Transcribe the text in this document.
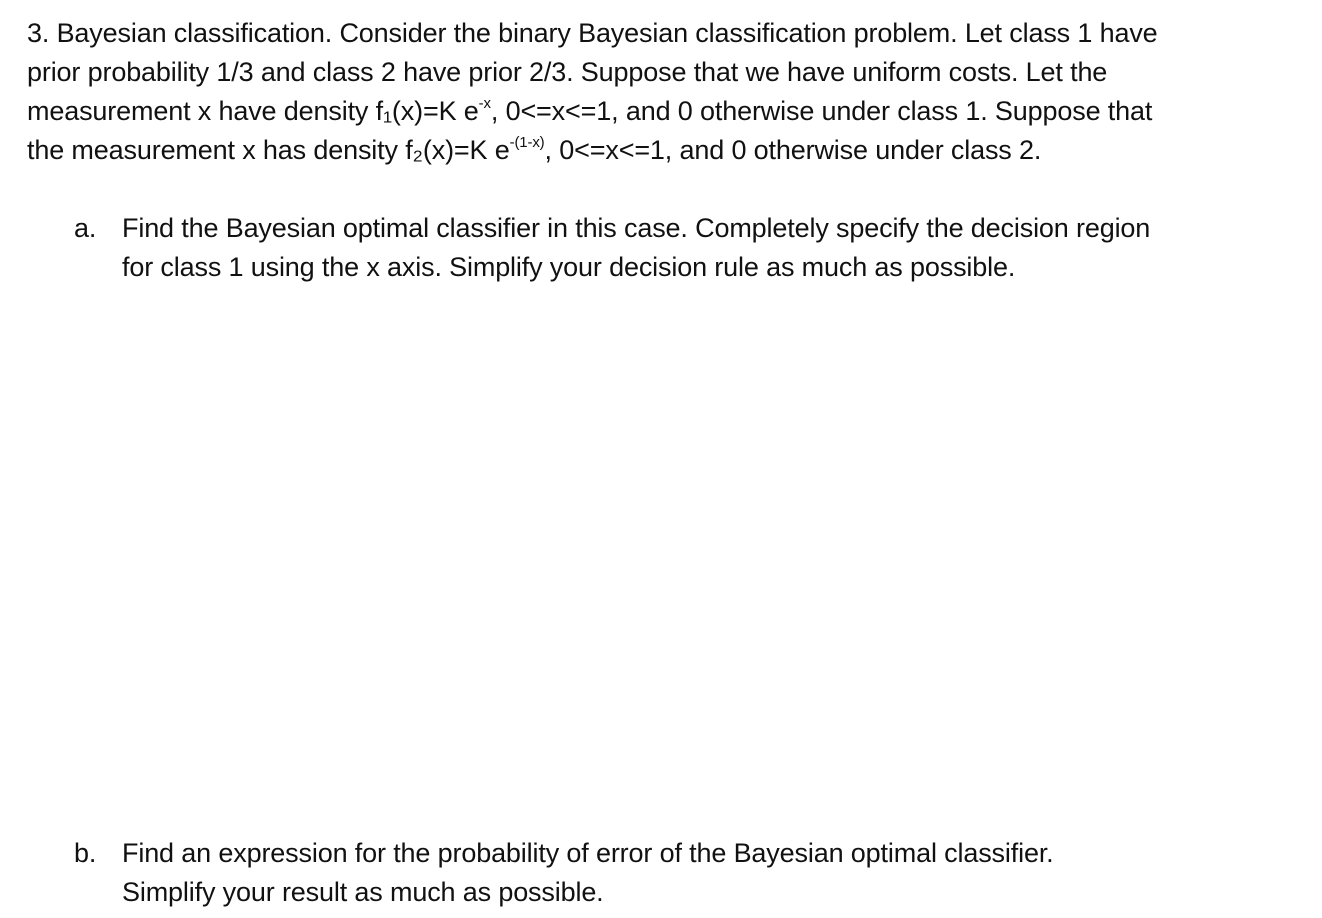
3. Bayesian classification. Consider the binary Bayesian classification problem. Let class 1 have
prior probability 1/3 and class 2 have prior 2/3. Suppose that we have uniform costs. Let the
measurement x have density f₁(x)=K $e^{-x}$, 0<=x<=1, and 0 otherwise under class 1. Suppose that
the measurement x has density f₂(x)=K $e^{-(1-x)}$, 0<=x<=1, and 0 otherwise under class 2.
a. Find the Bayesian optimal classifier in this case. Completely specify the decision region
for class 1 using the x axis. Simplify your decision rule as much as possible.
b. Find an expression for the probability of error of the Bayesian optimal classifier.
Simplify your result as much as possible.
